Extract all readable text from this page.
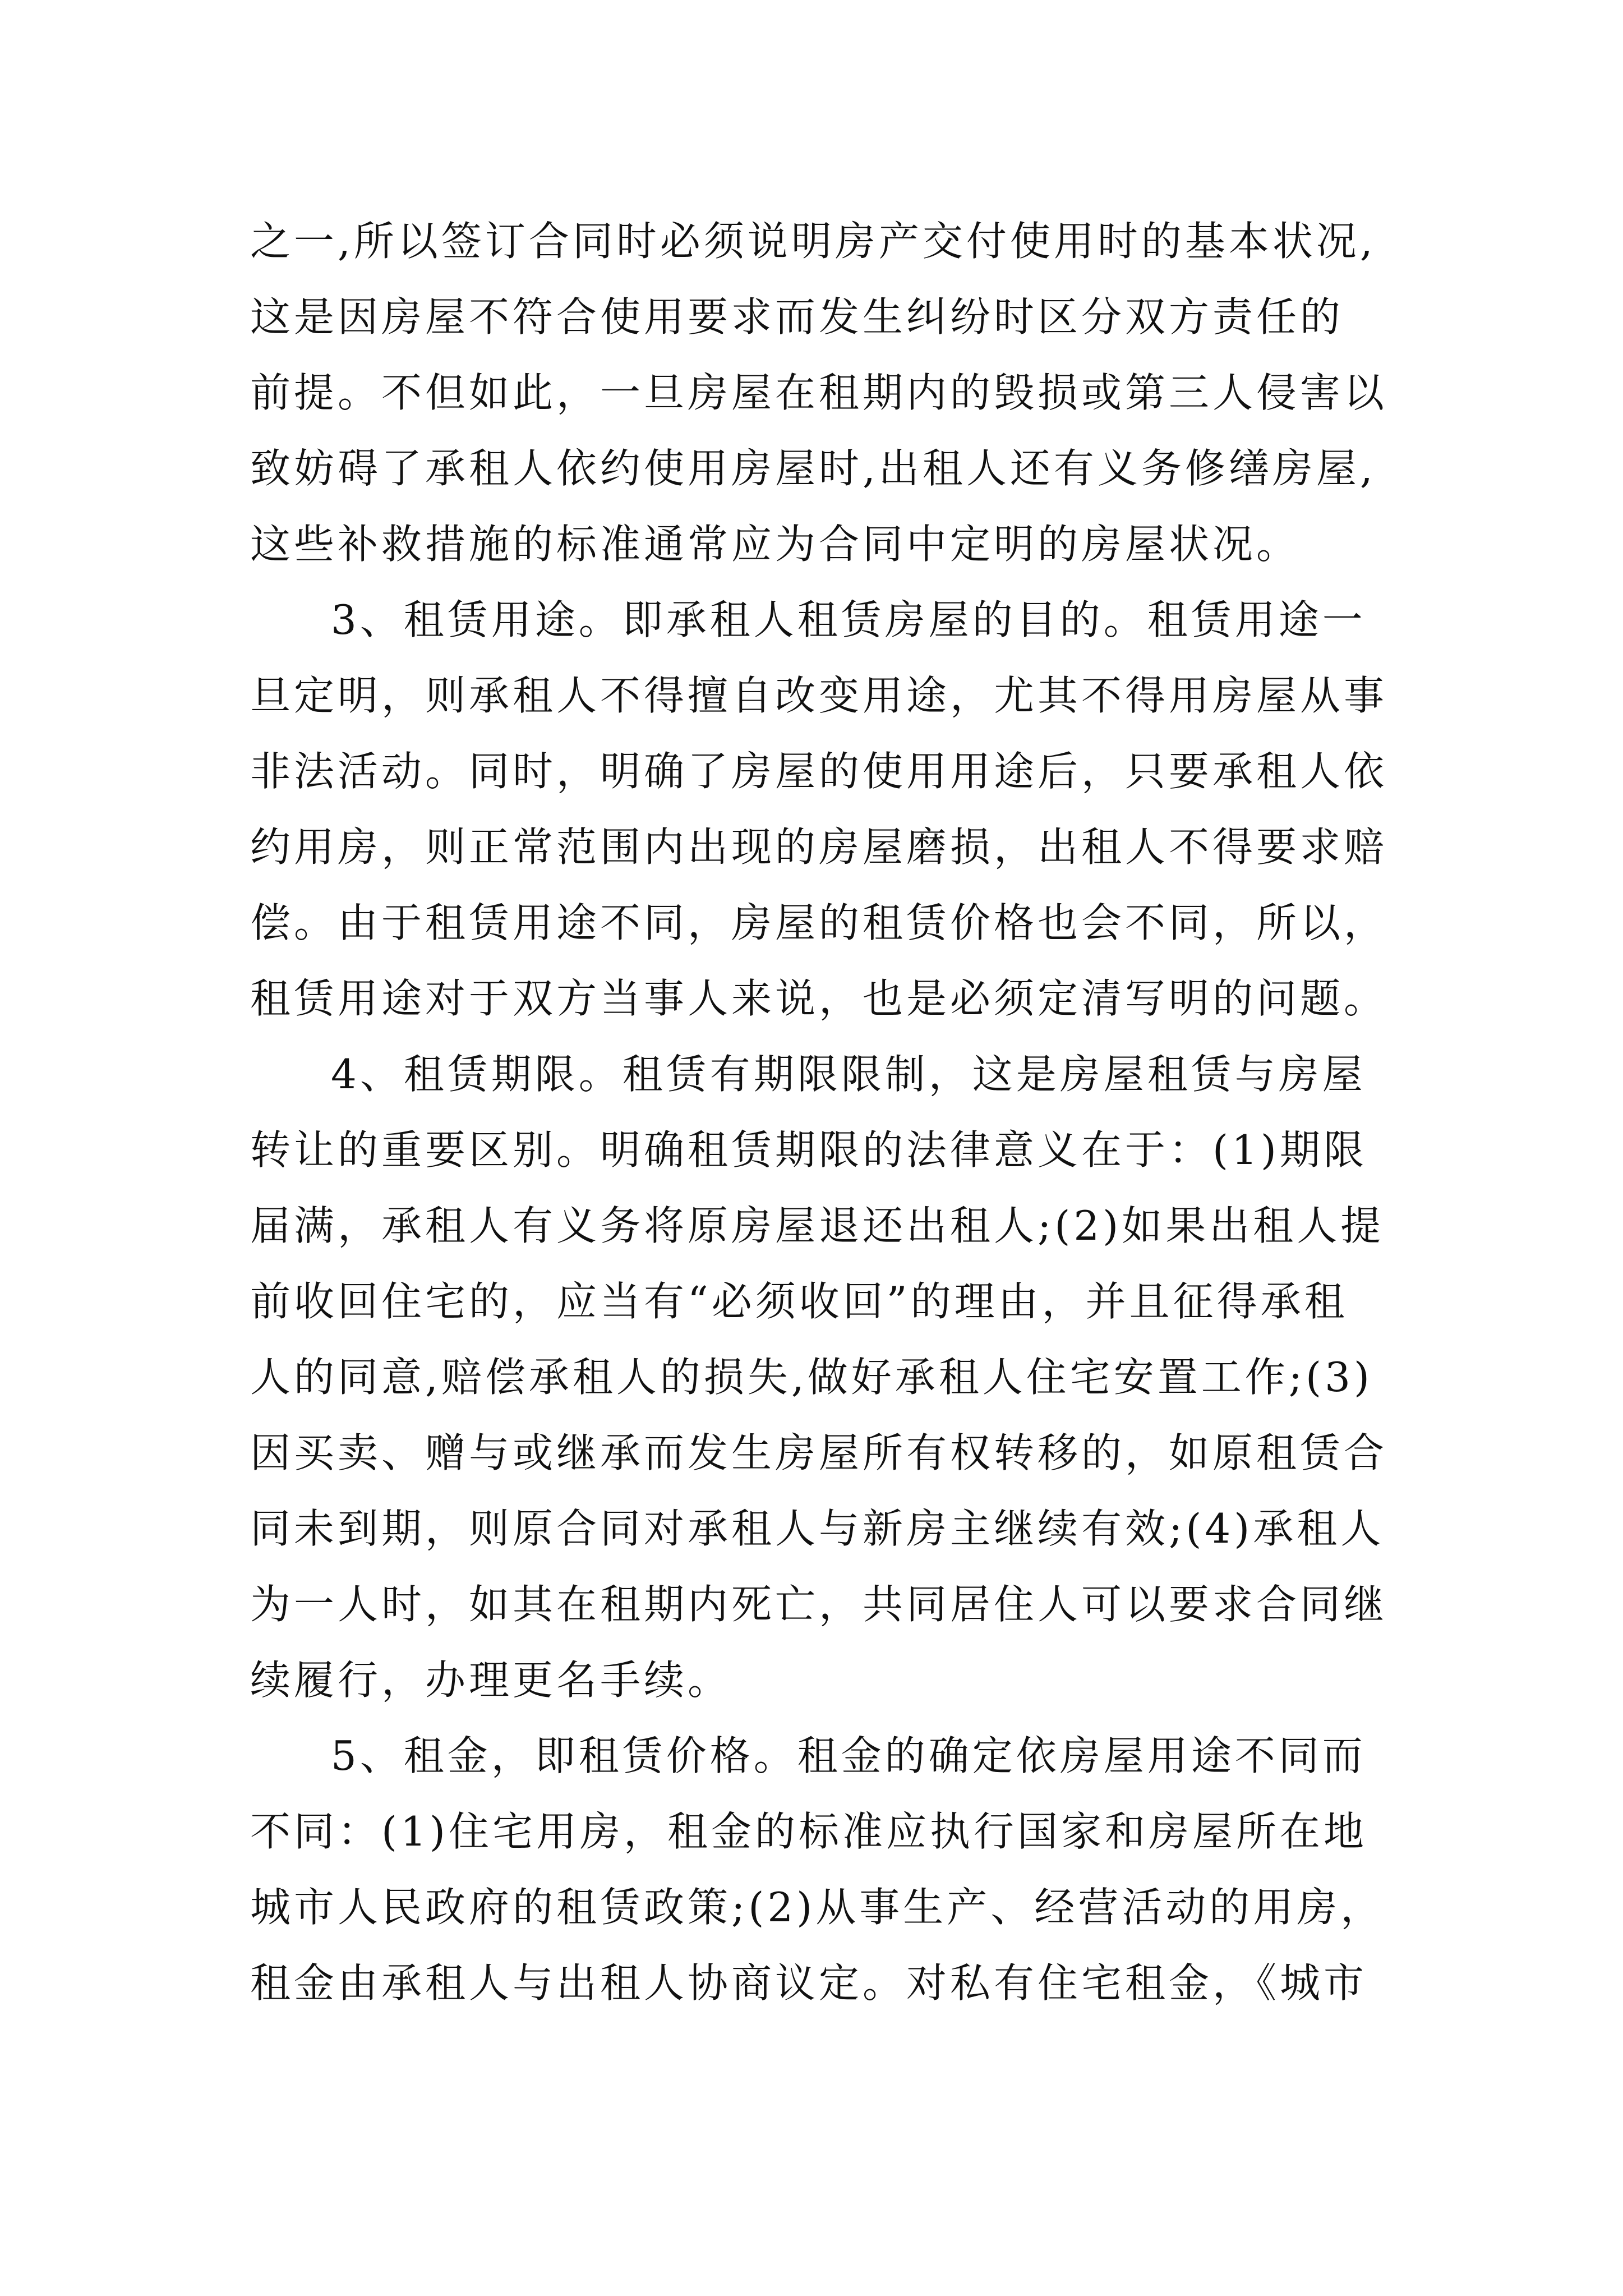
之一,所以签订合同时必须说明房产交付使用时的基本状况,
这是因房屋不符合使用要求而发生纠纷时区分双方责任的
前提。不但如此，一旦房屋在租期内的毁损或第三人侵害以
致妨碍了承租人依约使用房屋时,出租人还有义务修缮房屋,
这些补救措施的标准通常应为合同中定明的房屋状况。
3、租赁用途。即承租人租赁房屋的目的。租赁用途一
旦定明，则承租人不得擅自改变用途，尤其不得用房屋从事
非法活动。同时，明确了房屋的使用用途后，只要承租人依
约用房，则正常范围内出现的房屋磨损，出租人不得要求赔
偿。由于租赁用途不同，房屋的租赁价格也会不同，所以，
租赁用途对于双方当事人来说，也是必须定清写明的问题。
4、租赁期限。租赁有期限限制，这是房屋租赁与房屋
转让的重要区别。明确租赁期限的法律意义在于：(1)期限
届满，承租人有义务将原房屋退还出租人;(2)如果出租人提
前收回住宅的，应当有“必须收回”的理由，并且征得承租
人的同意,赔偿承租人的损失,做好承租人住宅安置工作;(3)
因买卖、赠与或继承而发生房屋所有权转移的，如原租赁合
同未到期，则原合同对承租人与新房主继续有效;(4)承租人
为一人时，如其在租期内死亡，共同居住人可以要求合同继
续履行，办理更名手续。
5、租金，即租赁价格。租金的确定依房屋用途不同而
不同：(1)住宅用房，租金的标准应执行国家和房屋所在地
城市人民政府的租赁政策;(2)从事生产、经营活动的用房，
租金由承租人与出租人协商议定。对私有住宅租金，《城市
